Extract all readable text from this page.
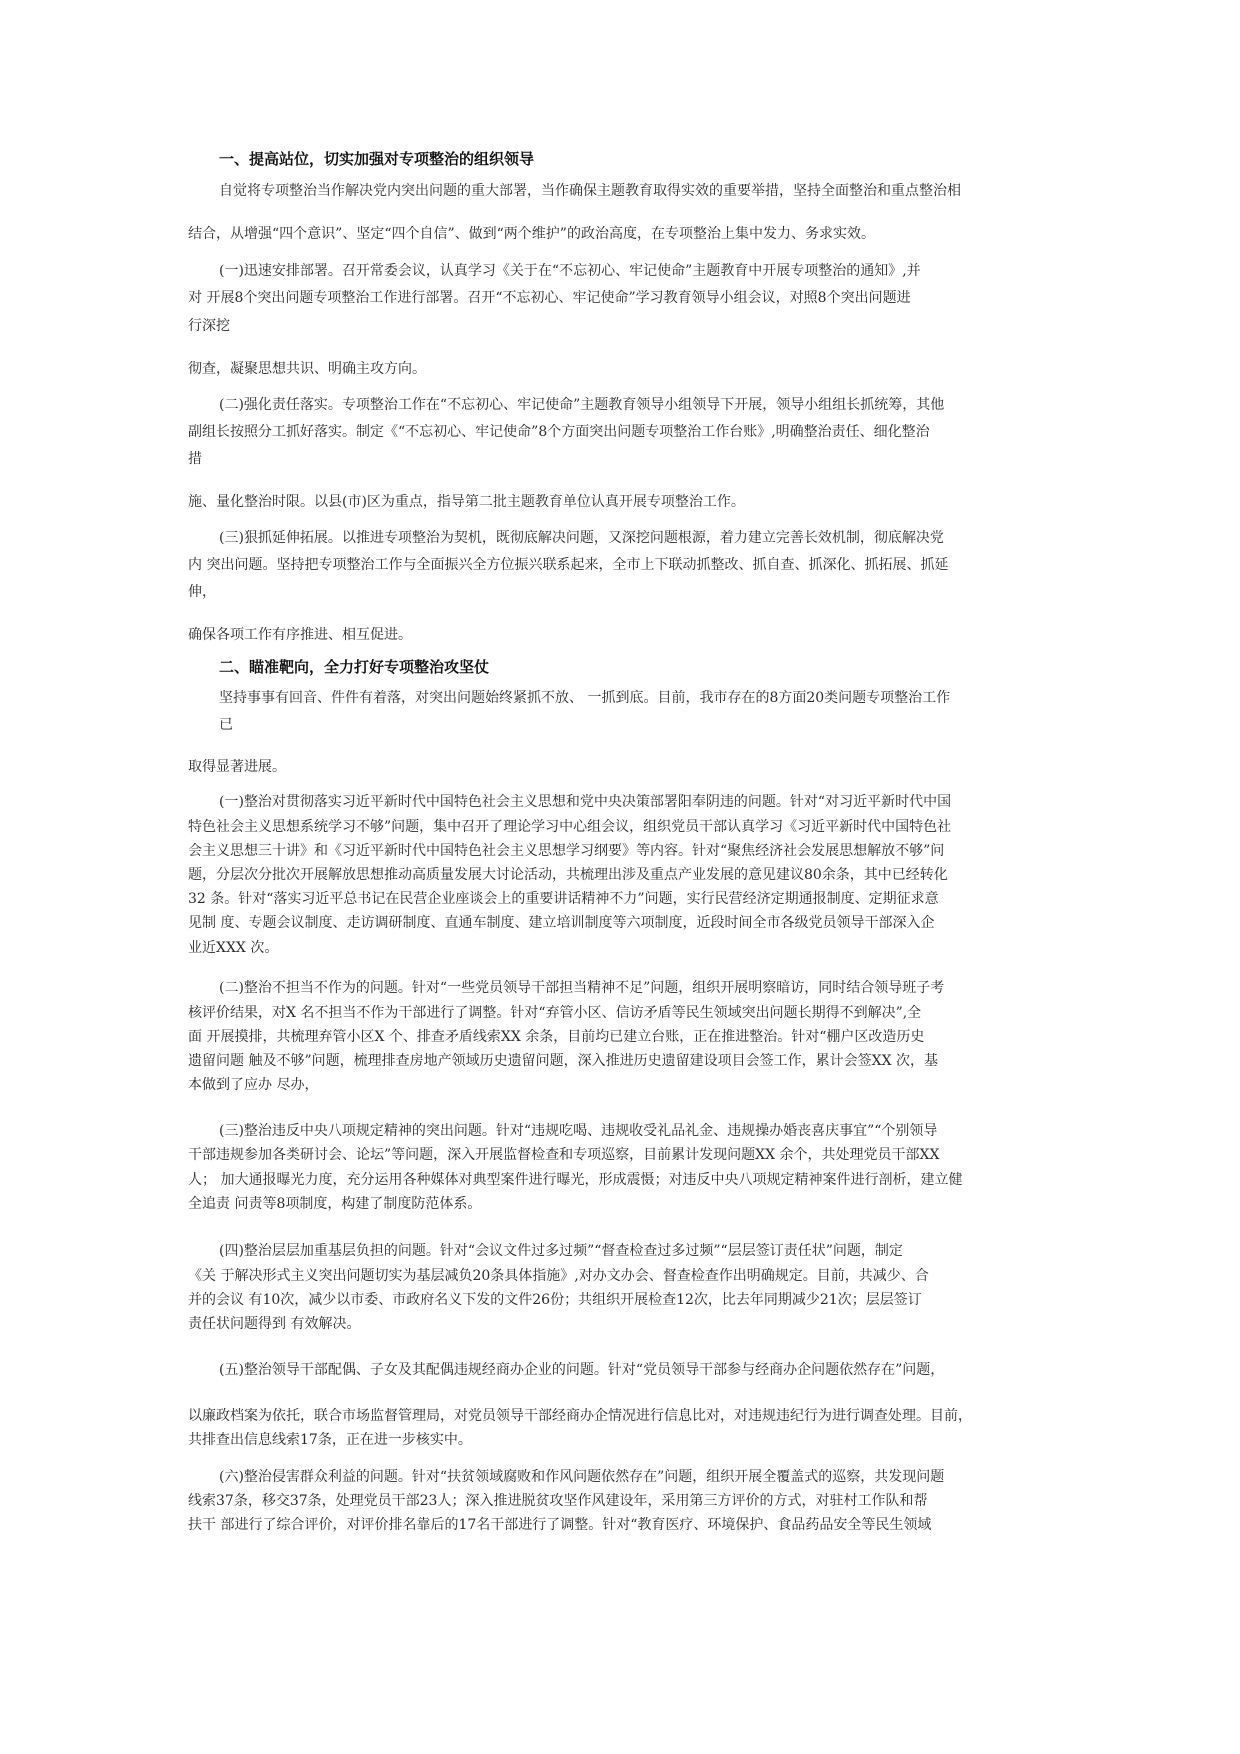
一、提高站位，切实加强对专项整治的组织领导
自觉将专项整治当作解决党内突出问题的重大部署，当作确保主题教育取得实效的重要举措，坚持全面整治和重点整治相
结合，从增强“四个意识”、坚定“四个自信”、做到“两个维护”的政治高度，在专项整治上集中发力、务求实效。
(一)迅速安排部署。召开常委会议，认真学习《关于在“不忘初心、牢记使命”主题教育中开展专项整治的通知》,并
对 开展8个突出问题专项整治工作进行部署。召开“不忘初心、牢记使命”学习教育领导小组会议，对照8个突出问题进
行深挖
彻查，凝聚思想共识、明确主攻方向。
(二)强化责任落实。专项整治工作在“不忘初心、牢记使命”主题教育领导小组领导下开展，领导小组组长抓统筹，其他
副组长按照分工抓好落实。制定《“不忘初心、牢记使命”8个方面突出问题专项整治工作台账》,明确整治责任、细化整治
措
施、量化整治时限。以县(市)区为重点，指导第二批主题教育单位认真开展专项整治工作。
(三)狠抓延伸拓展。以推进专项整治为契机，既彻底解决问题，又深挖问题根源，着力建立完善长效机制，彻底解决党
内 突出问题。坚持把专项整治工作与全面振兴全方位振兴联系起来，全市上下联动抓整改、抓自查、抓深化、抓拓展、抓延
伸，
确保各项工作有序推进、相互促进。
二、瞄准靶向，全力打好专项整治攻坚仗
坚持事事有回音、件件有着落，对突出问题始终紧抓不放、 一抓到底。目前，我市存在的8方面20类问题专项整治工作
已
取得显著进展。
(一)整治对贯彻落实习近平新时代中国特色社会主义思想和党中央决策部署阳奉阴违的问题。针对“对习近平新时代中国
特色社会主义思想系统学习不够”问题，集中召开了理论学习中心组会议，组织党员干部认真学习《习近平新时代中国特色社
会主义思想三十讲》和《习近平新时代中国特色社会主义思想学习纲要》等内容。针对“聚焦经济社会发展思想解放不够”问
题，分层次分批次开展解放思想推动高质量发展大讨论活动，共梳理出涉及重点产业发展的意见建议80余条，其中已经转化
32 条。针对“落实习近平总书记在民营企业座谈会上的重要讲话精神不力”问题，实行民营经济定期通报制度、定期征求意
见制 度、专题会议制度、走访调研制度、直通车制度、建立培训制度等六项制度，近段时间全市各级党员领导干部深入企
业近XXX 次。
(二)整治不担当不作为的问题。针对“一些党员领导干部担当精神不足”问题，组织开展明察暗访，同时结合领导班子考
核评价结果，对X 名不担当不作为干部进行了调整。针对“弃管小区、信访矛盾等民生领域突出问题长期得不到解决”,全
面 开展摸排，共梳理弃管小区X 个、排查矛盾线索XX 余条，目前均已建立台账，正在推进整治。针对“棚户区改造历史
遗留问题 触及不够”问题，梳理排查房地产领域历史遗留问题，深入推进历史遗留建设项目会签工作，累计会签XX 次，基
本做到了应办 尽办，
(三)整治违反中央八项规定精神的突出问题。针对“违规吃喝、违规收受礼品礼金、违规操办婚丧喜庆事宜”“个别领导
干部违规参加各类研讨会、论坛”等问题，深入开展监督检查和专项巡察，目前累计发现问题XX 余个，共处理党员干部XX
人； 加大通报曝光力度，充分运用各种媒体对典型案件进行曝光，形成震慑；对违反中央八项规定精神案件进行剖析，建立健
全追责 问责等8项制度，构建了制度防范体系。
(四)整治层层加重基层负担的问题。针对“会议文件过多过频”“督查检查过多过频”“层层签订责任状”问题，制定
《关 于解决形式主义突出问题切实为基层减负20条具体指施》,对办文办会、督查检查作出明确规定。目前，共减少、合
并的会议 有10次，减少以市委、市政府名义下发的文件26份；共组织开展检查12次，比去年同期减少21次；层层签订
责任状问题得到 有效解决。
(五)整治领导干部配偶、子女及其配偶违规经商办企业的问题。针对“党员领导干部参与经商办企问题依然存在”问题，
以廉政档案为依托，联合市场监督管理局，对党员领导干部经商办企情况进行信息比对，对违规违纪行为进行调查处理。目前，
共排查出信息线索17条，正在进一步核实中。
(六)整治侵害群众利益的问题。针对“扶贫领域腐败和作风问题依然存在”问题，组织开展全覆盖式的巡察，共发现问题
线索37条，移交37条，处理党员干部23人；深入推进脱贫攻坚作风建设年，采用第三方评价的方式，对驻村工作队和帮
扶干 部进行了综合评价，对评价排名靠后的17名干部进行了调整。针对“教育医疗、环境保护、食品药品安全等民生领域
